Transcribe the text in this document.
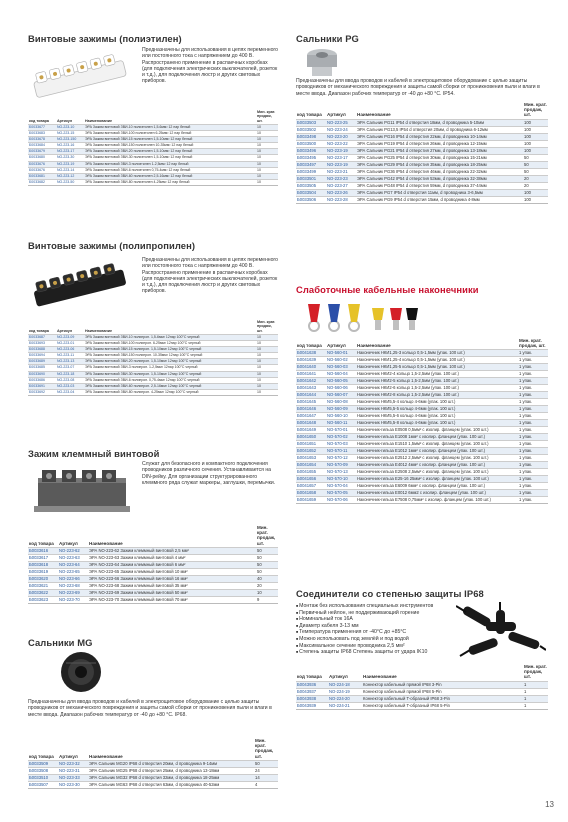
Винтовые зажимы (полиэтилен)
Предназначены для использования в цепях переменного или постоянного тока с напряжением до 400 В. Распространено применение в распаечных коробках (для подключения электрических выключателей, розеток и т.д.), для подключения люстр и других световых приборов.
код товара	Артикул	Наименование	Мин. крат. продаж, шт.
Б0033677	NO-223-10	ЭРА Зажим винтовой ЗВИ-10 полиэтилен 1,5-6мм² 12 пар белый	10
Б0033683	NO-223-15	ЭРА Зажим винтовой ЗВИ-100 полиэтилен 6-25мм² 12 пар белый	10
Б0033678	NO-223-150	ЭРА Зажим винтовой ЗВИ-15 полиэтилен 1,5-10мм² 12 пар белый	10
Б0033684	NO-223-16	ЭРА Зажим винтовой ЗВИ-150 полиэтилен 10-35мм² 12 пар белый	10
Б0033679	NO-223-17	ЭРА Зажим винтовой ЗВИ-20 полиэтилен 1,5-10мм² 12 пар белый	10
Б0033680	NO-223-30	ЭРА Зажим винтовой ЗВИ-30 полиэтилен 1,5-10мм² 12 пар белый	10
Б0033676	NO-223-19	ЭРА Зажим винтовой ЗВИ-3 полиэтилен 1-2,5мм² 12 пар белый	10
Б0033676	NO-223-14	ЭРА Зажим винтовой ЗВИ-6 полиэтилен 0,75-4мм² 12 пар белый	10
Б0033681	NO-223-12	ЭРА Зажим винтовой ЗВИ-60 полиэтилен 2,5-16мм² 12 пар белый	10
Б0033682	NO-223-50	ЭРА Зажим винтовой ЗВИ-80 полиэтилен 4-25мм² 12 пар белый	10
Винтовые зажимы (полипропилен)
Предназначены для использования в цепях переменного или постоянного тока с напряжением до 400 В. Распространено применение в распаечных коробках (для подключения электрических выключателей, розеток и т.д.), для подключения люстр и других световых приборов.
код товара	Артикул	Наименование	Мин. крат. продаж, шт.
Б0033687	NO-223-09	ЭРА Зажим винтовой ЗВИ-10 полипроп. 1,5-6мм² 12пар 100°С черный	10
Б0033693	NO-223-01	ЭРА Зажим винтовой ЗВИ-100 полипроп. 6-25мм² 12пар 100°С черный	10
Б0033688	NO-223-06	ЭРА Зажим винтовой ЗВИ-15 полипроп. 1,5-10мм² 12пар 100°С черный	10
Б0033694	NO-223-11	ЭРА Зажим винтовой ЗВИ-150 полипроп. 10-35мм² 12пар 100°С черный	10
Б0033689	NO-223-13	ЭРА Зажим винтовой ЗВИ-20 полипроп. 1,5-10мм² 12пар 100°С черный	10
Б0033685	NO-223-07	ЭРА Зажим винтовой ЗВИ-3 полипроп. 1-2,5мм² 12пар 100°С черный	10
Б0033690	NO-223-18	ЭРА Зажим винтовой ЗВИ-30 полипроп. 1,5-10мм² 12пар 100°С черный	10
Б0033686	NO-223-08	ЭРА Зажим винтовой ЗВИ-6 полипроп. 0,75-4мм² 12пар 100°С черный	10
Б0033691	NO-223-03	ЭРА Зажим винтовой ЗВИ-60 полипроп. 2,5-16мм² 12пар 100°С черный	10
Б0033692	NO-223-04	ЭРА Зажим винтовой ЗВИ-80 полипроп. 4-25мм² 12пар 100°С черный	10
Зажим клеммный винтовой
Служат для безопасного и компактного подключения проводников различного сечения. Устанавливается на DIN-рейку. Для организации структурированного клеммного ряда служат маркеры, заглушки, перемычки.
код товара	Артикул	Наименование	Мин. крат. продаж, шт.
Б0033616	NO-223-62	ЭРА NO-223-62 Зажим клеммный винтовой 2,5 мм²	50
Б0033617	NO-223-63	ЭРА NO-223-63 Зажим клеммный винтовой 4 мм²	50
Б0033618	NO-223-64	ЭРА NO-223-64 Зажим клеммный винтовой 6 мм²	50
Б0033619	NO-223-65	ЭРА NO-223-65 Зажим клеммный винтовой 10 мм²	50
Б0033620	NO-223-66	ЭРА NO-223-66 Зажим клеммный винтовой 16 мм²	40
Б0033621	NO-223-68	ЭРА NO-223-68 Зажим клеммный винтовой 35 мм²	20
Б0033622	NO-223-69	ЭРА NO-223-69 Зажим клеммный винтовой 50 мм²	10
Б0033623	NO-223-70	ЭРА NO-223-70 Зажим клеммный винтовой 70 мм²	9
Сальники MG
Предназначены для ввода проводов и кабелей в электрощитовое оборудование с целью защиты проводников от механического повреждения и защиты самой сборки от проникновения пыли и влаги в месте ввода. Диапазон рабочих температур от -40 до +80 °С. IP68.
код товара	Артикул	Наименование	Мин. крат. продаж, шт.
Б0033509	NO-223-32	ЭРА Сальник MG20 IP68 d отверстия 20мм, d проводника 9-14мм	50
Б0033508	NO-223-31	ЭРА Сальник MG25 IP68 d отверстия 25мм, d проводника 13-18мм	24
Б0033510	NO-223-33	ЭРА Сальник MG32 IP68 d отверстия 32мм, d проводника 18-25мм	14
Б0033507	NO-223-30	ЭРА Сальник MG63 IP68 d отверстия 63мм, d проводника 40-52мм	4
Сальники PG
Предназначены для ввода проводов и кабелей в электрощитовое оборудование с целью защиты проводников от механического повреждения и защиты самой сборки от проникновения пыли и влаги в месте ввода. Диапазон рабочих температур от -40 до +80 °С. IP54.
код товара	Артикул	Наименование	Мин. крат. продаж, шт.
Б0033503	NO-223-25	ЭРА Сальник PG11 IP54 d отверстия 18мм, d проводника 5-10мм	100
Б0033502	NO-223-24	ЭРА Сальник PG13,5 IP54 d отверстия 20мм, d проводника 6-12мм	100
Б0033498	NO-223-20	ЭРА Сальник PG16 IP54 d отверстия 22мм, d проводника 10-14мм	100
Б0033500	NO-223-22	ЭРА Сальник PG19 IP54 d отверстия 26мм, d проводника 12-15мм	100
Б0033496	NO-223-19	ЭРА Сальник PG21 IP54 d отверстия 27мм, d проводника 13-18мм	100
Б0033495	NO-223-17	ЭРА Сальник PG25 IP54 d отверстия 30мм, d проводника 15-21мм	50
Б0033497	NO-223-19	ЭРА Сальник PG29 IP54 d отверстия 35мм, d проводника 18-25мм	50
Б0033499	NO-223-21	ЭРА Сальник PG36 IP54 d отверстия 46мм, d проводника 22-32мм	50
Б0033501	NO-223-23	ЭРА Сальник PG42 IP54 d отверстия 53мм, d проводника 32-38мм	20
Б0033505	NO-223-27	ЭРА Сальник PG48 IP54 d отверстия 59мм, d проводника 37-44мм	20
Б0033504	NO-223-26	ЭРА Сальник PG7 IP54 d отверстия 11мм, d проводника 3-6,5мм	100
Б0033506	NO-223-28	ЭРА Сальник PG9 IP54 d отверстия 15мм, d проводника 4-8мм	100
Слаботочные кабельные наконечники
код товара	Артикул	Наименование	Мин. крат. продаж, шт.
Б0041638	NO-560-01	Наконечник НКИ1,25-3 кольцо 0,5-1,5мм (упак. 100 шт.)	1 упак.
Б0041639	NO-560-02	Наконечник НКИ1,25-4 кольцо 0,5-1,5мм (упак. 100 шт.)	1 упак.
Б0041640	NO-560-03	Наконечник НКИ1,25-5 кольцо 0,5-1,5мм (упак. 100 шт.)	1 упак.
Б0041641	NO-560-04	Наконечник НКИ2-4 кольцо 1,5-2,5мм (упак. 100 шт.)	1 упак.
Б0041642	NO-560-05	Наконечник НКИ2-5 кольцо 1,5-2,5мм (упак. 100 шт.)	1 упак.
Б0041643	NO-560-06	Наконечник НКИ2-6 кольцо 1,5-2,5мм (упак. 100 шт.)	1 упак.
Б0041644	NO-560-07	Наконечник НКИ2-8 кольцо 1,5-2,5мм (упак. 100 шт.)	1 упак.
Б0041645	NO-560-08	Наконечник НКИ5,5-4 кольцо 4-6мм (упак. 100 шт.)	1 упак.
Б0041646	NO-560-09	Наконечник НКИ5,5-5 кольцо 4-6мм (упак. 100 шт.)	1 упак.
Б0041647	NO-560-10	Наконечник НКИ5,5-6 кольцо 4-6мм (упак. 100 шт.)	1 упак.
Б0041648	NO-560-11	Наконечник НКИ5,5-8 кольцо 4-6мм (упак. 100 шт.)	1 упак.
Б0041649	NO-570-01	Наконечник-гильза Е0508 0,5мм² с изолир. фланцем (упак. 100 шт.)	1 упак.
Б0041650	NO-570-02	Наконечник-гильза Е1008 1мм² с изолир. фланцем (упак. 100 шт.)	1 упак.
Б0041651	NO-570-03	Наконечник-гильза Е1510 1,5мм² с изолир. фланцем (упак. 100 шт.)	1 упак.
Б0041652	NO-570-11	Наконечник-гильза Е1012 1мм² с изолир. фланцем (упак. 100 шт.)	1 упак.
Б0041653	NO-570-12	Наконечник-гильза Е2512 2,5мм² с изолир. фланцем (упак. 100 шт.)	1 упак.
Б0041654	NO-570-09	Наконечник-гильза Е4012 4мм² с изолир. фланцем (упак. 100 шт.)	1 упак.
Б0041655	NO-570-13	Наконечник-гильза Е2508 2,5мм² с изолир. фланцем (упак. 100 шт.)	1 упак.
Б0041656	NO-570-10	Наконечник-гильза Е25-16 25мм² с изолир. фланцем (упак. 100 шт.)	1 упак.
Б0041657	NO-570-04	Наконечник-гильза Е6009 6мм² с изолир. фланцем (упак. 100 шт.)	1 упак.
Б0041658	NO-570-05	Наконечник-гильза Е0012 6мм2 с изолир. фланцем (упак. 100 шт.)	1 упак.
Б0041659	NO-570-06	Наконечник-гильза Е7508 0,75мм² с изолир. фланцем (упак. 100 шт.)	1 упак.
Соединители со степенью защиты IP68
■ Монтаж без использования специальных инструментов
■ Первичный нейлон, не поддерживающий горение
■ Номинальный ток 16А
■ Диаметр кабеля 3-13 мм
■ Температура применения от -40°С до +85°С
■ Можно использовать под землёй и под водой
■ Максимальное сечение проводника 2,5 мм²
■ Степень защиты IP68 Степень защиты от удара IK10
код товара	Артикул	Наименование	Мин. крат. продаж, шт.
Б0043936	NO-224-18	Коннектор кабельный прямой IP68 3-Pin	1
Б0043937	NO-224-19	Коннектор кабельный прямой IP68 5-Pin	1
Б0043938	NO-224-20	Коннектор кабельный T-образный IP68 3-Pin	1
Б0043939	NO-224-21	Коннектор кабельный T-образный IP68 5-Pin	1
13
